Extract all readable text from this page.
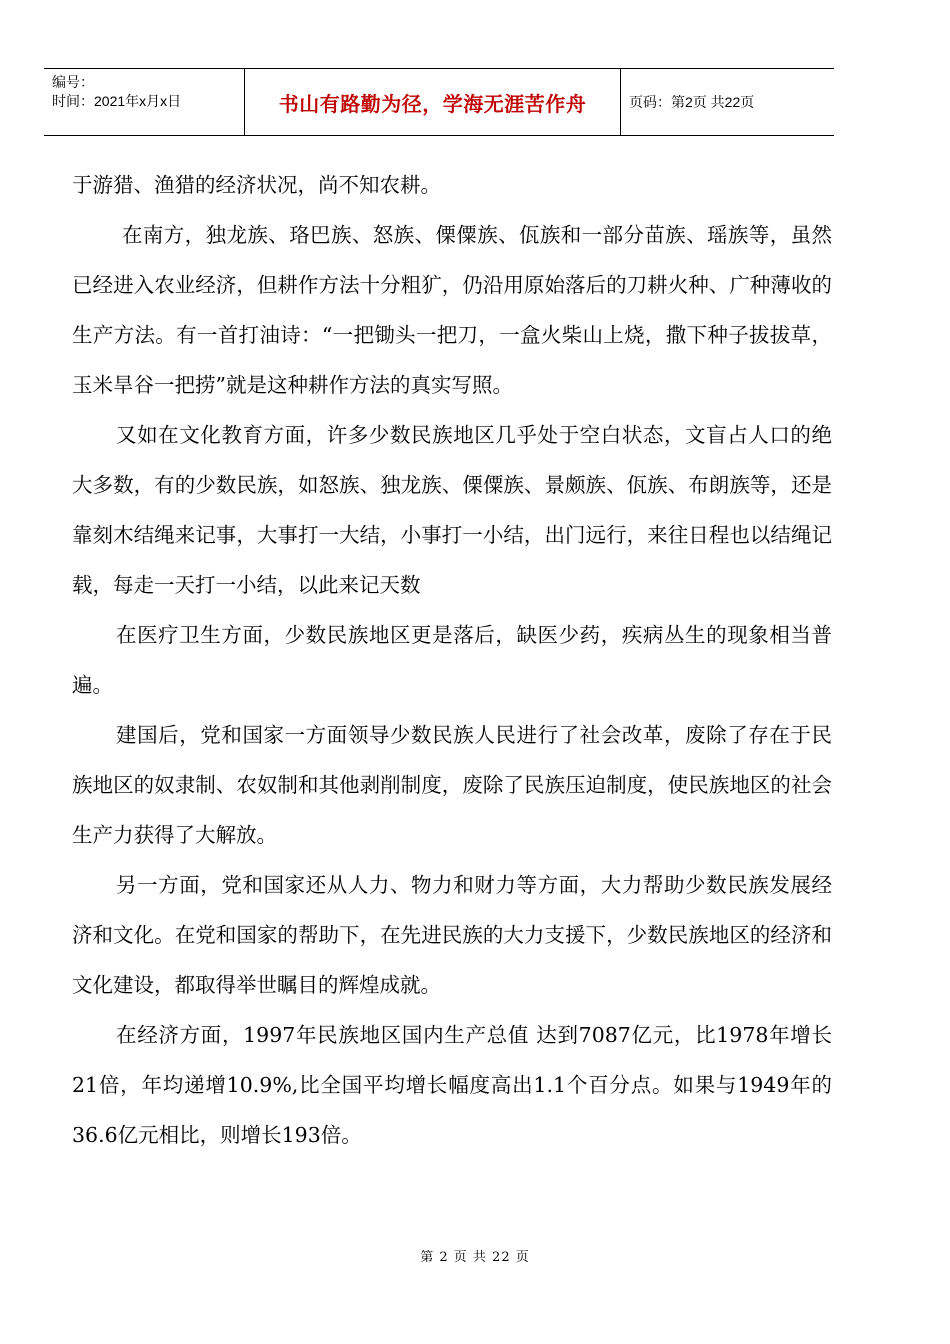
编号：
时间：2021年x月x日	书山有路勤为径，学海无涯苦作舟	页码：第2页 共22页

于游猎、渔猎的经济状况，尚不知农耕。

在南方，独龙族、珞巴族、怒族、傈僳族、佤族和一部分苗族、瑶族等，虽然已经进入农业经济，但耕作方法十分粗犷，仍沿用原始落后的刀耕火种、广种薄收的生产方法。有一首打油诗：“一把锄头一把刀，一盒火柴山上烧，撒下种子拔拔草，玉米旱谷一把捞”就是这种耕作方法的真实写照。

又如在文化教育方面，许多少数民族地区几乎处于空白状态，文盲占人口的绝大多数，有的少数民族，如怒族、独龙族、傈僳族、景颇族、佤族、布朗族等，还是靠刻木结绳来记事，大事打一大结，小事打一小结，出门远行，来往日程也以结绳记载，每走一天打一小结，以此来记天数

在医疗卫生方面，少数民族地区更是落后，缺医少药，疾病丛生的现象相当普遍。

建国后，党和国家一方面领导少数民族人民进行了社会改革，废除了存在于民族地区的奴隶制、农奴制和其他剥削制度，废除了民族压迫制度，使民族地区的社会生产力获得了大解放。

另一方面，党和国家还从人力、物力和财力等方面，大力帮助少数民族发展经济和文化。在党和国家的帮助下，在先进民族的大力支援下，少数民族地区的经济和文化建设，都取得举世瞩目的辉煌成就。

在经济方面，1997年民族地区国内生产总值 达到7087亿元，比1978年增长21倍，年均递增10.9%,比全国平均增长幅度高出1.1个百分点。如果与1949年的36.6亿元相比，则增长193倍。

第 2 页 共 22 页
